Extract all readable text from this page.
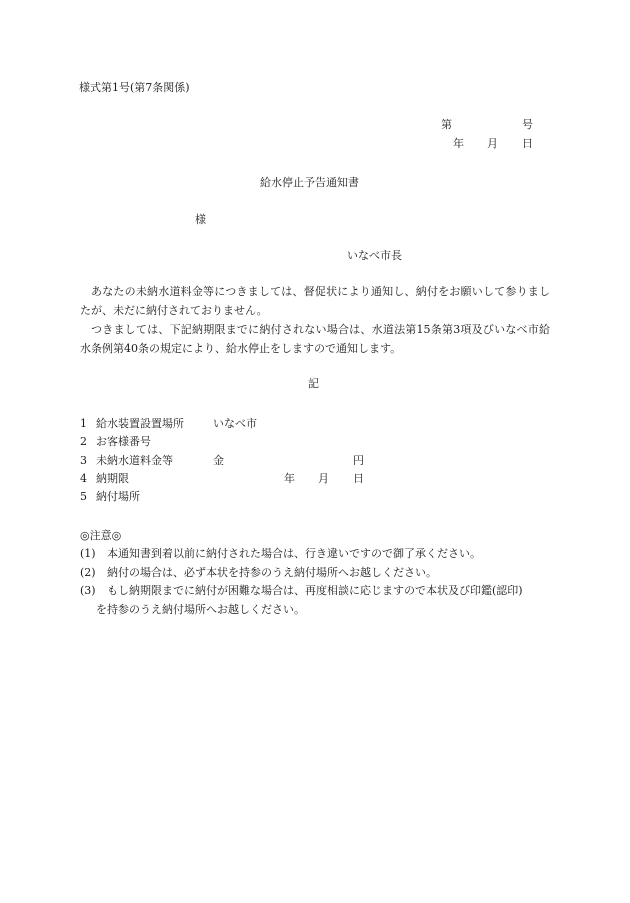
様式第1号(第7条関係)
第	号
年 月 日
給水停止予告通知書
様
いなべ市長
あなたの未納水道料金等につきましては、督促状により通知し、納付をお願いして参りましたが、未だに納付されておりません。
つきましては、下記納期限までに納付されない場合は、水道法第15条第3項及びいなべ市給水条例第40条の規定により、給水停止をしますので通知します。
記
1 給水装置設置場所	いなべ市
2 お客様番号
3 未納水道料金等	金	円
4 納期限	年 月 日
5 納付場所
◎注意◎
(1) 本通知書到着以前に納付された場合は、行き違いですので御了承ください。
(2) 納付の場合は、必ず本状を持参のうえ納付場所へお越しください。
(3) もし納期限までに納付が困難な場合は、再度相談に応じますので本状及び印鑑(認印)
を持参のうえ納付場所へお越しください。
